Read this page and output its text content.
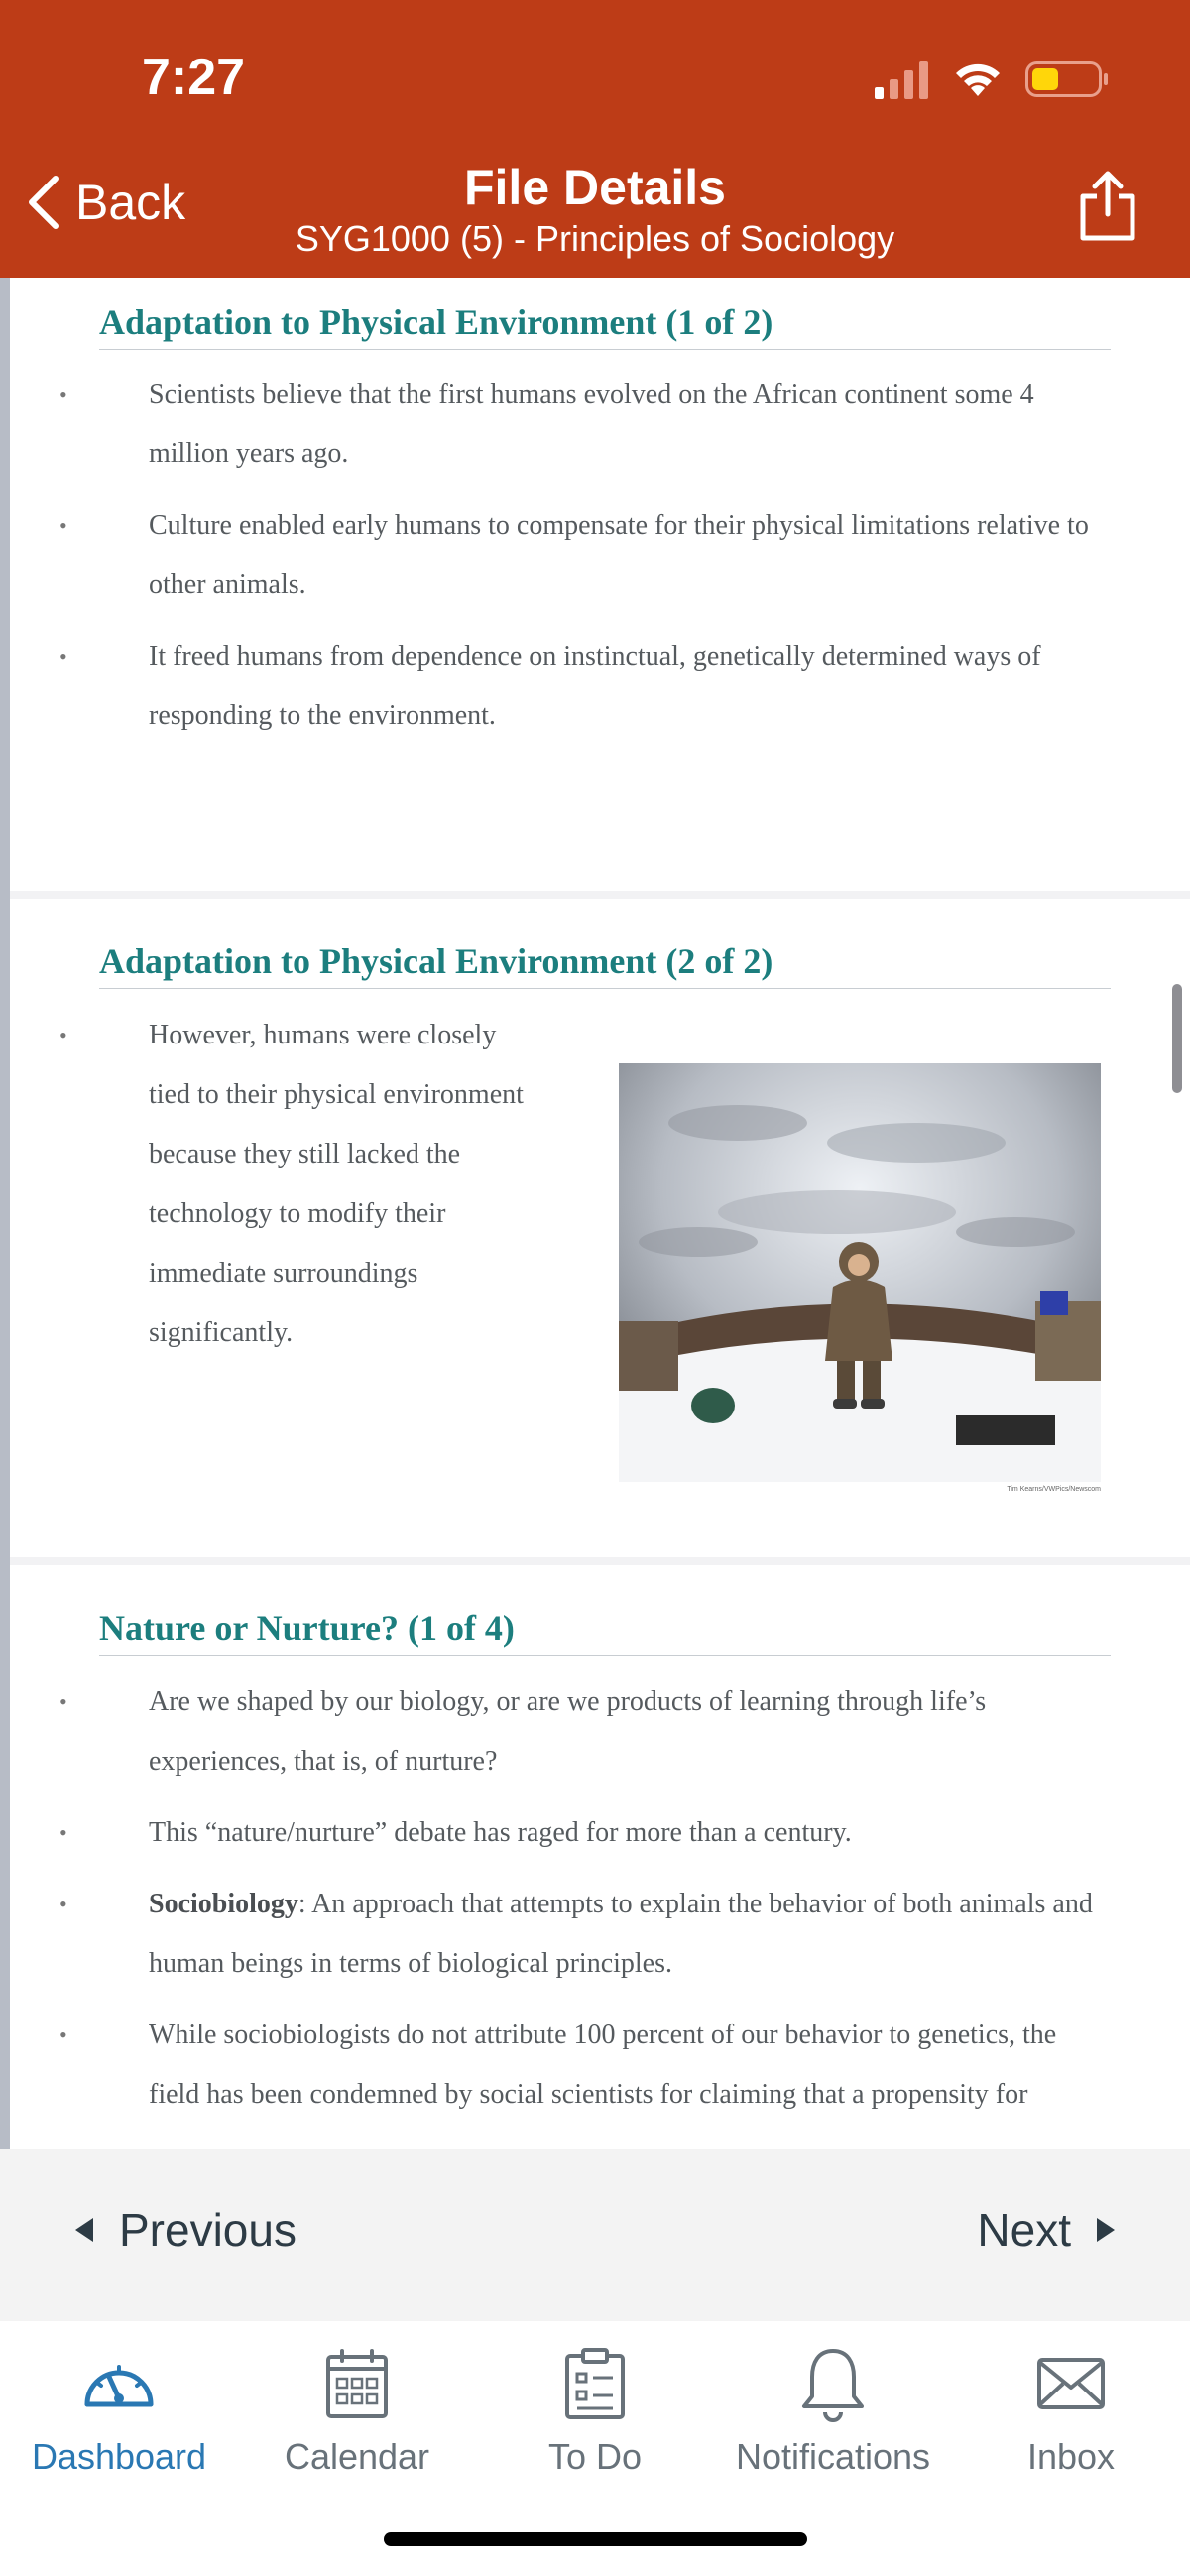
7:27
Back	File Details
SYG1000 (5) - Principles of Sociology
Adaptation to Physical Environment (1 of 2)
• Scientists believe that the first humans evolved on the African continent some 4 million years ago.
• Culture enabled early humans to compensate for their physical limitations relative to other animals.
• It freed humans from dependence on instinctual, genetically determined ways of responding to the environment.
Adaptation to Physical Environment (2 of 2)
• However, humans were closely tied to their physical environment because they still lacked the technology to modify their immediate surroundings significantly.
Tim Kearns/VWPics/Newscom
Nature or Nurture? (1 of 4)
• Are we shaped by our biology, or are we products of learning through life’s experiences, that is, of nurture?
• This “nature/nurture” debate has raged for more than a century.
• Sociobiology: An approach that attempts to explain the behavior of both animals and human beings in terms of biological principles.
• While sociobiologists do not attribute 100 percent of our behavior to genetics, the field has been condemned by social scientists for claiming that a propensity for
Previous	Next
Dashboard	Calendar	To Do	Notifications	Inbox
